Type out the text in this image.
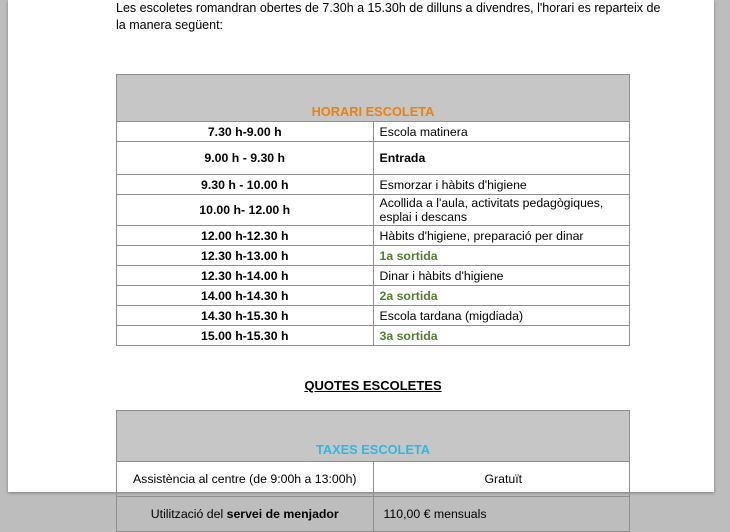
Les escoletes romandran obertes de 7.30h a 15.30h de dilluns a divendres, l'horari es reparteix de la manera següent:

HORARI ESCOLETA	
7.30 h-9.00 h	Escola matinera
9.00 h - 9.30 h	Entrada
9.30 h - 10.00 h	Esmorzar i hàbits d'higiene
10.00 h- 12.00 h	Acollida a l'aula, activitats pedagògiques, esplai i descans
12.00 h-12.30 h	Hàbits d'higiene, preparació per dinar
12.30 h-13.00 h	1a sortida
12.30 h-14.00 h	Dinar i hàbits d'higiene
14.00 h-14.30 h	2a sortida
14.30 h-15.30 h	Escola tardana (migdiada)
15.00 h-15.30 h	3a sortida
QUOTES ESCOLETES

TAXES ESCOLETA	
Assistència al centre (de 9:00h a 13:00h)	Gratuït
Utilització del servei de menjador	110,00 € mensuals
